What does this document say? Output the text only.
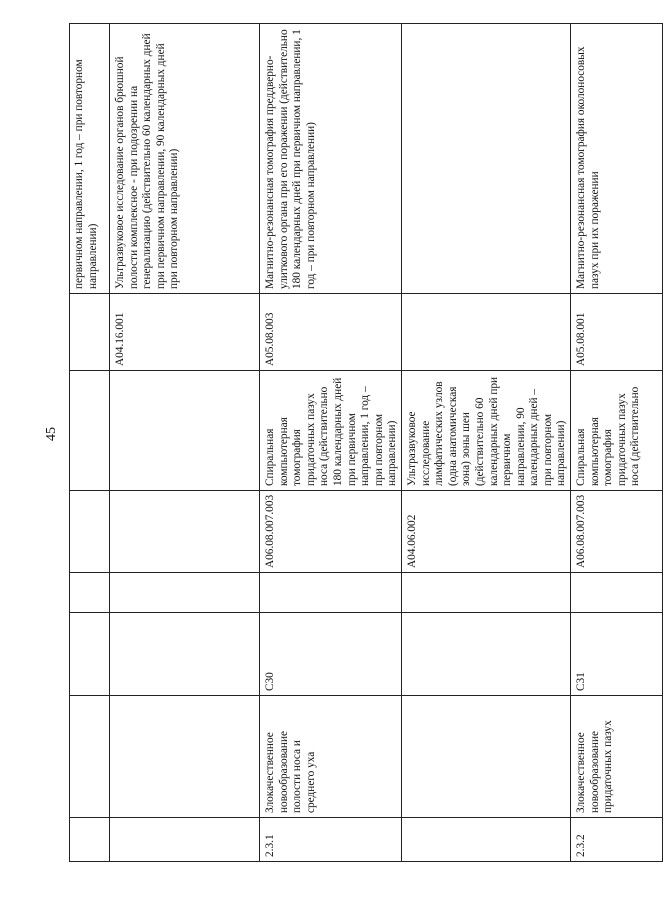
45

							первичном направлении, 1 год – при повторном направлении)

						A04.16.001	Ультразвуковое исследование органов брюшной полости комплексное - при подозрении на генерализацию (действительно 60 календарных дней при первичном направлении, 90 календарных дней при повторном направлении)

2.3.1	Злокачественное новообразование полости носа и среднего уха	C30		A06.08.007.003	Спиральная компьютерная томография придаточных пазух носа (действительно 180 календарных дней при первичном направлении, 1 год – при повторном направлении)	A05.08.003	Магнитно-резонансная томография преддверно-улиткового органа при его поражении (действительно 180 календарных дней при первичном направлении, 1 год – при повторном направлении)

				A04.06.002	Ультразвуковое исследование лимфатических узлов (одна анатомическая зона) зоны шеи (действительно 60 календарных дней при первичном направлении, 90 календарных дней – при повторном направлении)		

2.3.2	Злокачественное новообразование придаточных пазух	C31		A06.08.007.003	Спиральная компьютерная томография придаточных пазух носа (действительно	A05.08.001	Магнитно-резонансная томография околоносовых пазух при их поражении
